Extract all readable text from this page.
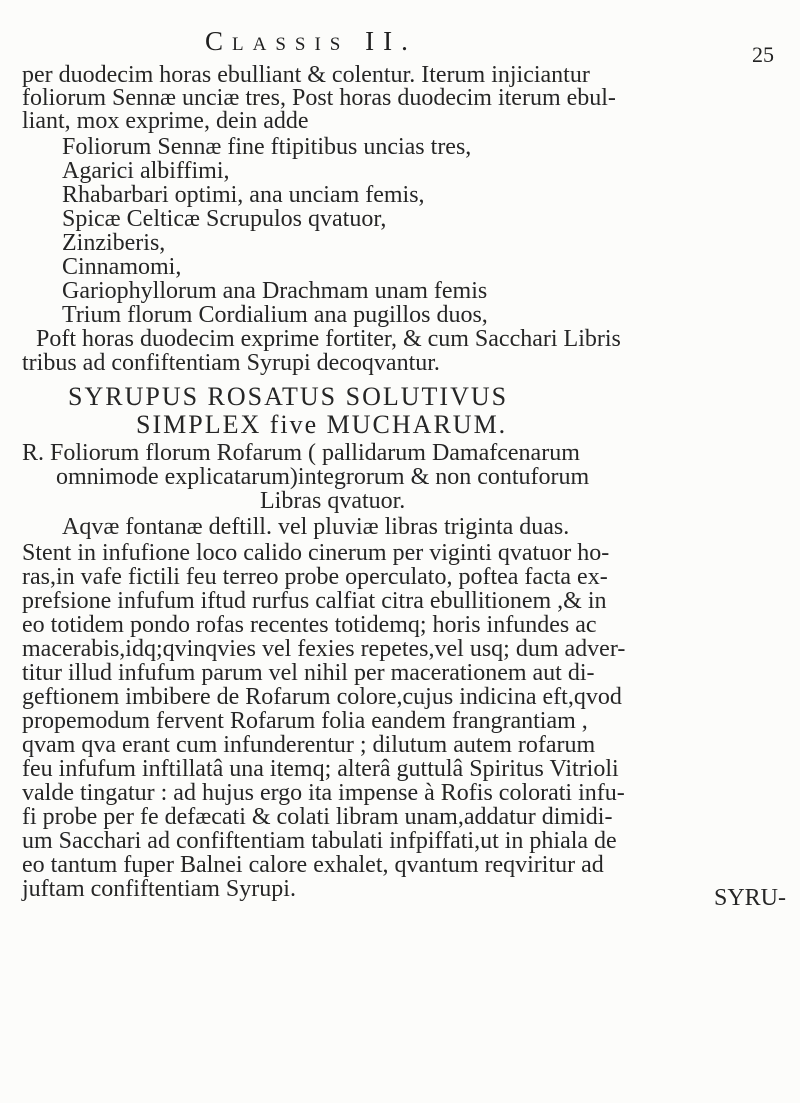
Classis II.	25
per duodecim horas ebulliant & colentur. Iterum injiciantur
foliorum Sennæ unciæ tres, Post horas duodecim iterum ebul-
liant, mox exprime, dein adde
Foliorum Sennæ fine ftipitibus uncias tres,
Agarici albiffimi,
Rhabarbari optimi, ana unciam femis,
Spicæ Celticæ Scrupulos qvatuor,
Zinziberis,
Cinnamomi,
Gariophyllorum ana Drachmam unam femis
Trium florum Cordialium ana pugillos duos,
Poft horas duodecim exprime fortiter, & cum Sacchari Libris
tribus ad confiftentiam Syrupi decoqvantur.
SYRUPUS ROSATUS SOLUTIVUS
SIMPLEX five MUCHARUM.
R. Foliorum florum Rofarum ( pallidarum Damafcenarum
omnimode explicatarum)integrorum & non contuforum
Libras qvatuor.
Aqvæ fontanæ deftill. vel pluviæ libras triginta duas.
Stent in infufione loco calido cinerum per viginti qvatuor ho-
ras,in vafe fictili feu terreo probe operculato, poftea facta ex-
prefsione infufum iftud rurfus calfiat citra ebullitionem ,& in
eo totidem pondo rofas recentes totidemq; horis infundes ac
macerabis,idq;qvinqvies vel fexies repetes,vel usq; dum adver-
titur illud infufum parum vel nihil per macerationem aut di-
geftionem imbibere de Rofarum colore,cujus indicina eft,qvod
propemodum fervent Rofarum folia eandem frangrantiam ,
qvam qva erant cum infunderentur ; dilutum autem rofarum
feu infufum inftillatâ una itemq; alterâ guttulâ Spiritus Vitrioli
valde tingatur : ad hujus ergo ita impense à Rofis colorati infu-
fi probe per fe defæcati & colati libram unam,addatur dimidi-
um Sacchari ad confiftentiam tabulati infpiffati,ut in phiala de
eo tantum fuper Balnei calore exhalet, qvantum reqviritur ad
juftam confiftentiam Syrupi.	SYRU-
